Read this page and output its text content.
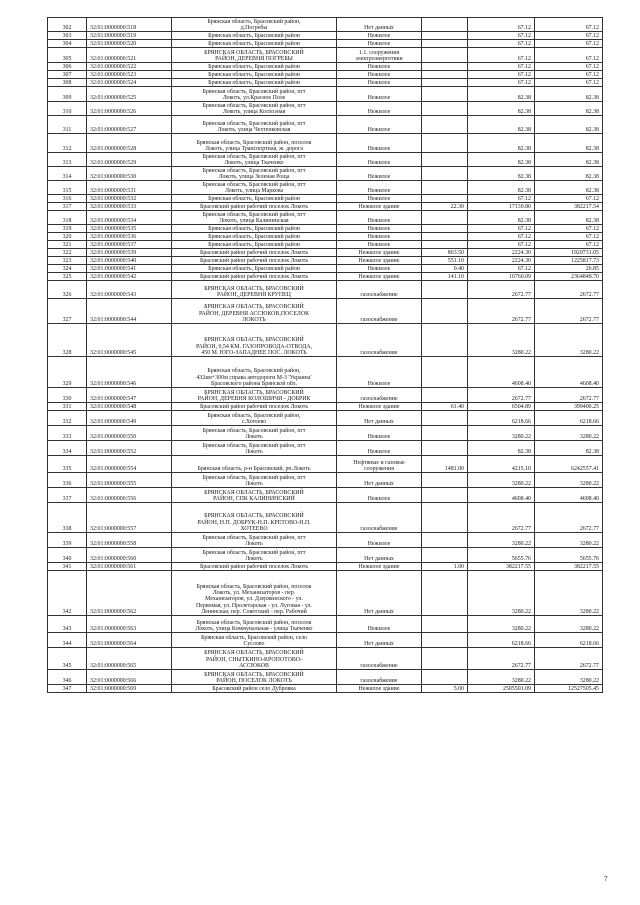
302	32:01:0000000:518	Брянская область, Брасовский район,
д.Погребы	Нет данных		67.12	67.12
303	32:01:0000000:519	Брянская область, Брасовский район	Нежилое		67.12	67.12
304	32:01:0000000:520	Брянская область, Брасовский район	Нежилое		67.12	67.12
305	32:01:0000000:521	БРЯНСКАЯ ОБЛАСТЬ, БРАСОВСКИЙ
РАЙОН, ДЕРЕВНЯ ПОГРЕБЫ	1.1. сооружения
электроэнергетики		67.12	67.12
306	32:01:0000000:522	Брянская область, Брасовский район	Нежилое		67.12	67.12
307	32:01:0000000:523	Брянская область, Брасовский район	Нежилое		67.12	67.12
308	32:01:0000000:524	Брянская область, Брасовский район	Нежилое		67.12	67.12
309	32:01:0000000:525	Брянская область, Брасовский район, пгт
Локоть, ул.Красное Поле	Нежилое		82.38	82.38
310	32:01:0000000:526	Брянская область, Брасовский район, пгт
Локоть, улица Колхозная	Нежилое		82.38	82.38
311	32:01:0000000:527	Брянская область, Брасовский район, пгт
Локоть, улица Чехтенковская	Нежилое		82.38	82.38
312	32:01:0000000:528	Брянская область, Брасовский район, поселок
Локоть, улица Транспортная, ж. дорога	Нежилое		82.38	82.38
313	32:01:0000000:529	Брянская область, Брасовский район, пгт
Локоть, улица Ткаченко	Нежилое		82.38	82.38
314	32:01:0000000:530	Брянская область, Брасовский район, пгт
Локоть, улица Зеленая Роща	Нежилое		82.38	82.38
315	32:01:0000000:531	Брянская область, Брасовский район, пгт
Локоть, улица Маркова	Нежилое		82.38	82.38
316	32:01:0000000:532	Брянская область, Брасовский район	Нежилое		67.12	67.12
317	32:01:0000000:533	Брасовский район рабочий поселок Локоть	Нежилое здание	22.30	17139.80	382217.54
318	32:01:0000000:534	Брянская область, Брасовский район, пгт
Локоть, улица Калининская	Нежилое		82.38	82.38
319	32:01:0000000:535	Брянская область, Брасовский район	Нежилое		67.12	67.12
320	32:01:0000000:536	Брянская область, Брасовский район	Нежилое		67.12	67.12
321	32:01:0000000:537	Брянская область, Брасовский район	Нежилое		67.12	67.12
322	32:01:0000000:539	Брасовский район рабочий поселок Локоть	Нежилое здание	863.50	2224.30	1920731.05
323	32:01:0000000:540	Брасовский район рабочий поселок Локоть	Нежилое здание	551.10	2224.30	1225817.73
324	32:01:0000000:541	Брянская область, Брасовский район	Нежилое	0.40	67.12	26.85
325	32:01:0000000:542	Брасовский район рабочий поселок Локоть	Нежилое здание	141.10	16760.09	2364848.70
326	32:01:0000000:543	БРЯНСКАЯ ОБЛАСТЬ, БРАСОВСКИЙ
РАЙОН, ДЕРЕВНЯ КРУПЕЦ	газоснабжение		2672.77	2672.77
327	32:01:0000000:544	БРЯНСКАЯ ОБЛАСТЬ, БРАСОВСКИЙ
РАЙОН, ДЕРЕВНЯ АССЮКОВ,ПОСЕЛОК
ЛОКОТЬ	газоснабжение		2672.77	2672.77
328	32:01:0000000:545	БРЯНСКАЯ ОБЛАСТЬ, БРАСОВСКИЙ
РАЙОН, 0,54 КМ. ГАЗОПРОВОДА-ОТВОДА,
450 М. ЮГО-ЗАПАДНЕЕ ПОС. ЛОКОТЬ	газоснабжение		3280.22	3280.22
329	32:01:0000000:546	Брянская область, Брасовский район,
432км+300м справа автодороги М-3 'Украина'
Брасовского района Брянской обл.	Нежилое		4608.40	4608.40
330	32:01:0000000:547	БРЯНСКАЯ ОБЛАСТЬ, БРАСОВСКИЙ
РАЙОН, ДЕРЕВНЯ КОЛОШИЧИ - ДОБРИК	газоснабжение		2672.77	2672.77
331	32:01:0000000:548	Брасовский район рабочий поселок Локоть	Нежилое здание	61.40	6504.89	399400.25
332	32:01:0000000:549	Брянская область, Брасовский район,
с.Хотеево	Нет данных		6218.66	6218.66
333	32:01:0000000:550	Брянская область, Брасовский район, пгт
Локоть	Нежилое		3280.22	3280.22
334	32:01:0000000:552	Брянская область, Брасовский район, пгт
Локоть	Нежилое		82.38	82.38
335	32:01:0000000:554	Брянская область, р-н Брасовский, рп.Локоть	Нефтяные и газовые
сооружения	1481.00	4215.10	6242557.41
336	32:01:0000000:555	Брянская область, Брасовский район, пгт
Локоть	Нет данных		3280.22	3280.22
337	32:01:0000000:556	БРЯНСКАЯ ОБЛАСТЬ, БРАСОВСКИЙ
РАЙОН, СПК КАЛИНИНСКИЙ	Нежилое		4608.40	4608.40
338	32:01:0000000:557	БРЯНСКАЯ ОБЛАСТЬ, БРАСОВСКИЙ
РАЙОН, Н.П. ДОБРУК-Н.П. КРЕТОВО-Н.П.
ХОТЕЕВО	газоснабжение		2672.77	2672.77
339	32:01:0000000:558	Брянская область, Брасовский район, пгт
Локоть	Нежилое		3280.22	3280.22
340	32:01:0000000:560	Брянская область, Брасовский район, пгт
Локоть	Нет данных		5655.76	5655.76
341	32:01:0000000:561	Брасовский район рабочий поселок Локоть	Нежилое здание	1.00	382217.55	382217.55
342	32:01:0000000:562	Брянская область, Брасовский район, поселок
Локоть, ул. Механизаторов - пер.
Механизаторов, ул. Дзержинского - ул.
Первомая, ул. Пролетарская - ул. Луговая - ул.
Ленинская, пер. Советский - пер. Рабочий	Нет данных		3280.22	3280.22
343	32:01:0000000:563	Брянская область, Брасовский район, поселок
Локоть, улица Коммунальная - улица Ткаченко	Нежилое		3280.22	3280.22
344	32:01:0000000:564	Брянская область, Брасовский район, село
Суслово	Нет данных		6218.66	6218.66
345	32:01:0000000:565	БРЯНСКАЯ ОБЛАСТЬ, БРАСОВСКИЙ
РАЙОН, СНЫТКИНО-КРОПОТОВО-
АССЮКОВ	газоснабжение		2672.77	2672.77
346	32:01:0000000:566	БРЯНСКАЯ ОБЛАСТЬ, БРАСОВСКИЙ
РАЙОН, ПОСЕЛОК ЛОКОТЬ	газоснабжение		3280.22	3280.22
347	32:01:0000000:569	Брасовский район село Дубровка	Нежилое здание	5.00	2505501.09	12527505.45
7
